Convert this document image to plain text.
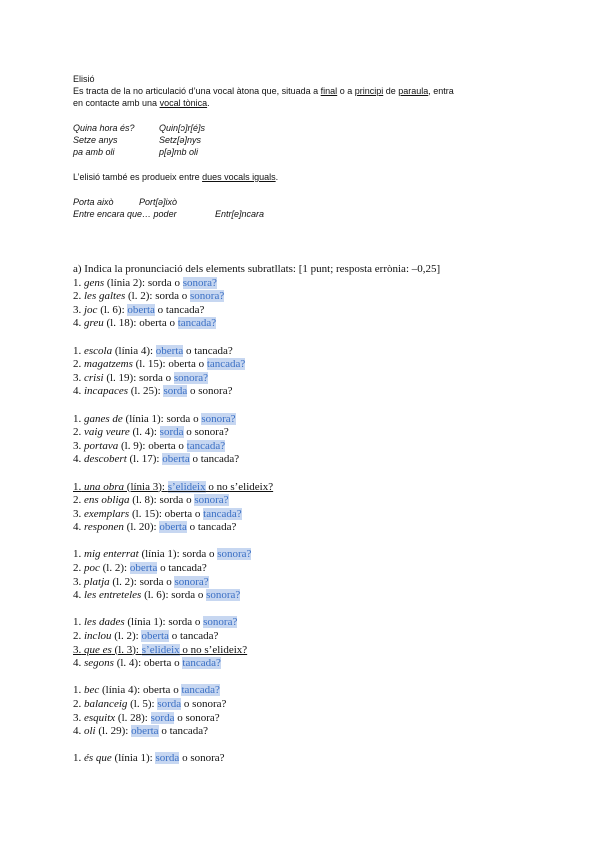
Elisió
Es tracta de la no articulació d’una vocal àtona que, situada a final o a principi de paraula, entra
en contacte amb una vocal tònica.
Quina hora és?	Quin[ɔ]r[é]s
Setze anys	Setz[ǝ]nys
pa amb oli	p[ǝ]mb oli
L’elisió també es produeix entre dues vocals iguals.
Porta això	Port[ǝ]ixò
Entre encara que… poder	Entr[e]ncara
a) Indica la pronunciació dels elements subratllats: [1 punt; resposta errònia: –0,25]
1. gens (línia 2): sorda o sonora?
2. les galtes (l. 2): sorda o sonora?
3. joc (l. 6): oberta o tancada?
4. greu (l. 18): oberta o tancada?
1. escola (línia 4): oberta o tancada?
2. magatzems (l. 15): oberta o tancada?
3. crisi (l. 19): sorda o sonora?
4. incapaces (l. 25): sorda o sonora?
1. ganes de (línia 1): sorda o sonora?
2. vaig veure (l. 4): sorda o sonora?
3. portava (l. 9): oberta o tancada?
4. descobert (l. 17): oberta o tancada?
1. una obra (línia 3): s’elideix o no s’elideix?
2. ens obliga (l. 8): sorda o sonora?
3. exemplars (l. 15): oberta o tancada?
4. responen (l. 20): oberta o tancada?
1. mig enterrat (línia 1): sorda o sonora?
2. poc (l. 2): oberta o tancada?
3. platja (l. 2): sorda o sonora?
4. les entreteles (l. 6): sorda o sonora?
1. les dades (línia 1): sorda o sonora?
2. inclou (l. 2): oberta o tancada?
3. que es (l. 3): s’elideix o no s’elideix?
4. segons (l. 4): oberta o tancada?
1. bec (línia 4): oberta o tancada?
2. balanceig (l. 5): sorda o sonora?
3. esquitx (l. 28): sorda o sonora?
4. oli (l. 29): oberta o tancada?
1. és que (línia 1): sorda o sonora?
